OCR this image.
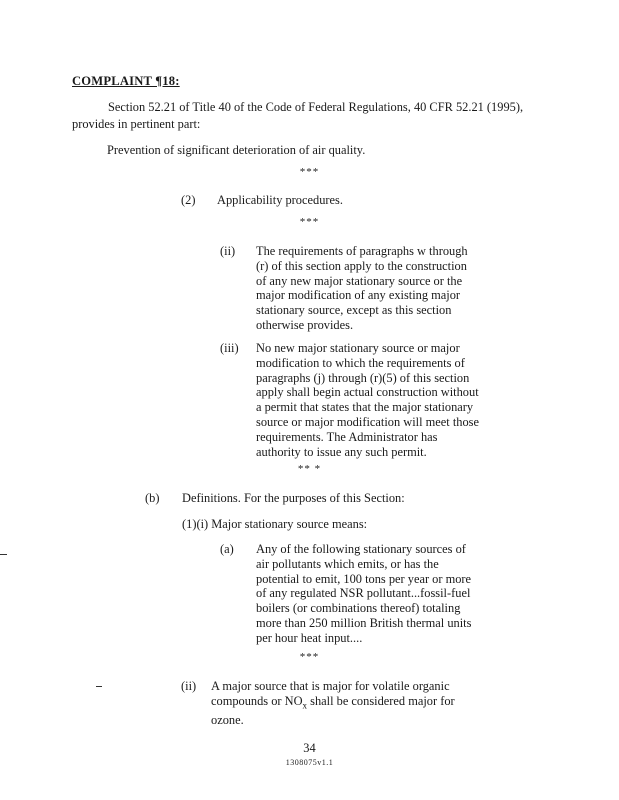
COMPLAINT ¶18:
Section 52.21 of Title 40 of the Code of Federal Regulations, 40 CFR 52.21 (1995),
provides in pertinent part:
Prevention of significant deterioration of air quality.
***
(2) Applicability procedures.
***
(ii) The requirements of paragraphs w through
(r) of this section apply to the construction
of any new major stationary source or the
major modification of any existing major
stationary source, except as this section
otherwise provides.
(iii) No new major stationary source or major
modification to which the requirements of
paragraphs (j) through (r)(5) of this section
apply shall begin actual construction without
a permit that states that the major stationary
source or major modification will meet those
requirements. The Administrator has
authority to issue any such permit.
** *
(b) Definitions. For the purposes of this Section:
(1)(i) Major stationary source means:
(a) Any of the following stationary sources of
air pollutants which emits, or has the
potential to emit, 100 tons per year or more
of any regulated NSR pollutant...fossil-fuel
boilers (or combinations thereof) totaling
more than 250 million British thermal units
per hour heat input....
***
(ii) A major source that is major for volatile organic
compounds or $NO_x$ shall be considered major for
ozone.
34
1308075v1.1
